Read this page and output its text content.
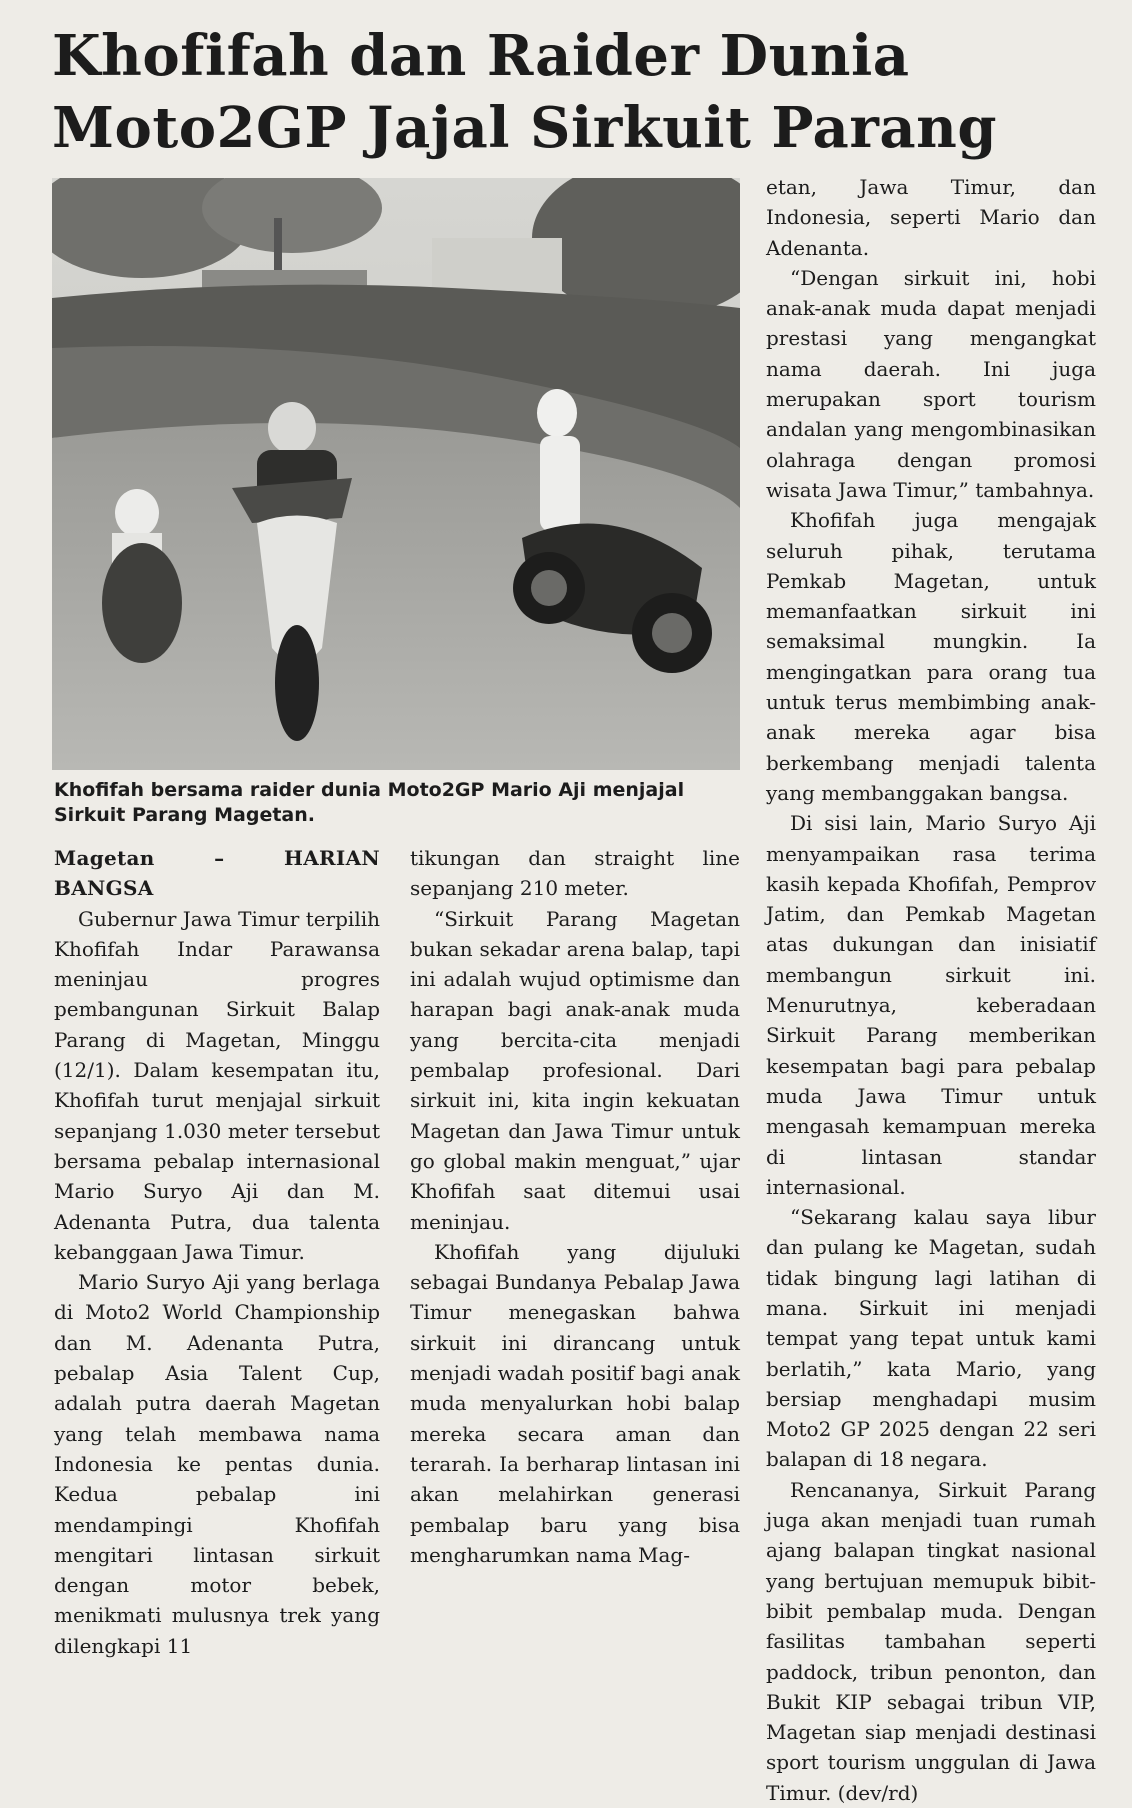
Khofifah dan Raider Dunia
Moto2GP Jajal Sirkuit Parang

Khofifah bersama raider dunia Moto2GP Mario Aji menjajal Sirkuit Parang Magetan.

Magetan – HARIAN BANGSA

Gubernur Jawa Timur terpilih Khofifah Indar Parawansa meninjau progres pembangunan Sirkuit Balap Parang di Magetan, Minggu (12/1). Dalam kesempatan itu, Khofifah turut menjajal sirkuit sepanjang 1.030 meter tersebut bersama pebalap internasional Mario Suryo Aji dan M. Adenanta Putra, dua talenta kebanggaan Jawa Timur.

Mario Suryo Aji yang berlaga di Moto2 World Championship dan M. Adenanta Putra, pebalap Asia Talent Cup, adalah putra daerah Magetan yang telah membawa nama Indonesia ke pentas dunia. Kedua pebalap ini mendampingi Khofifah mengitari lintasan sirkuit dengan motor bebek, menikmati mulusnya trek yang dilengkapi 11

tikungan dan straight line sepanjang 210 meter.

“Sirkuit Parang Magetan bukan sekadar arena balap, tapi ini adalah wujud optimisme dan harapan bagi anak-anak muda yang bercita-cita menjadi pembalap profesional. Dari sirkuit ini, kita ingin kekuatan Magetan dan Jawa Timur untuk go global makin menguat,” ujar Khofifah saat ditemui usai meninjau.

Khofifah yang dijuluki sebagai Bundanya Pebalap Jawa Timur menegaskan bahwa sirkuit ini dirancang untuk menjadi wadah positif bagi anak muda menyalurkan hobi balap mereka secara aman dan terarah. Ia berharap lintasan ini akan melahirkan generasi pembalap baru yang bisa mengharumkan nama Mag-

etan, Jawa Timur, dan Indonesia, seperti Mario dan Adenanta.

“Dengan sirkuit ini, hobi anak-anak muda dapat menjadi prestasi yang mengangkat nama daerah. Ini juga merupakan sport tourism andalan yang mengombinasikan olahraga dengan promosi wisata Jawa Timur,” tambahnya.

Khofifah juga mengajak seluruh pihak, terutama Pemkab Magetan, untuk memanfaatkan sirkuit ini semaksimal mungkin. Ia mengingatkan para orang tua untuk terus membimbing anak-anak mereka agar bisa berkembang menjadi talenta yang membanggakan bangsa.

Di sisi lain, Mario Suryo Aji menyampaikan rasa terima kasih kepada Khofifah, Pemprov Jatim, dan Pemkab Magetan atas dukungan dan inisiatif membangun sirkuit ini. Menurutnya, keberadaan Sirkuit Parang memberikan kesempatan bagi para pebalap muda Jawa Timur untuk mengasah kemampuan mereka di lintasan standar internasional.

“Sekarang kalau saya libur dan pulang ke Magetan, sudah tidak bingung lagi latihan di mana. Sirkuit ini menjadi tempat yang tepat untuk kami berlatih,” kata Mario, yang bersiap menghadapi musim Moto2 GP 2025 dengan 22 seri balapan di 18 negara.

Rencananya, Sirkuit Parang juga akan menjadi tuan rumah ajang balapan tingkat nasional yang bertujuan memupuk bibit-bibit pembalap muda. Dengan fasilitas tambahan seperti paddock, tribun penonton, dan Bukit KIP sebagai tribun VIP, Magetan siap menjadi destinasi sport tourism unggulan di Jawa Timur. (dev/rd)
